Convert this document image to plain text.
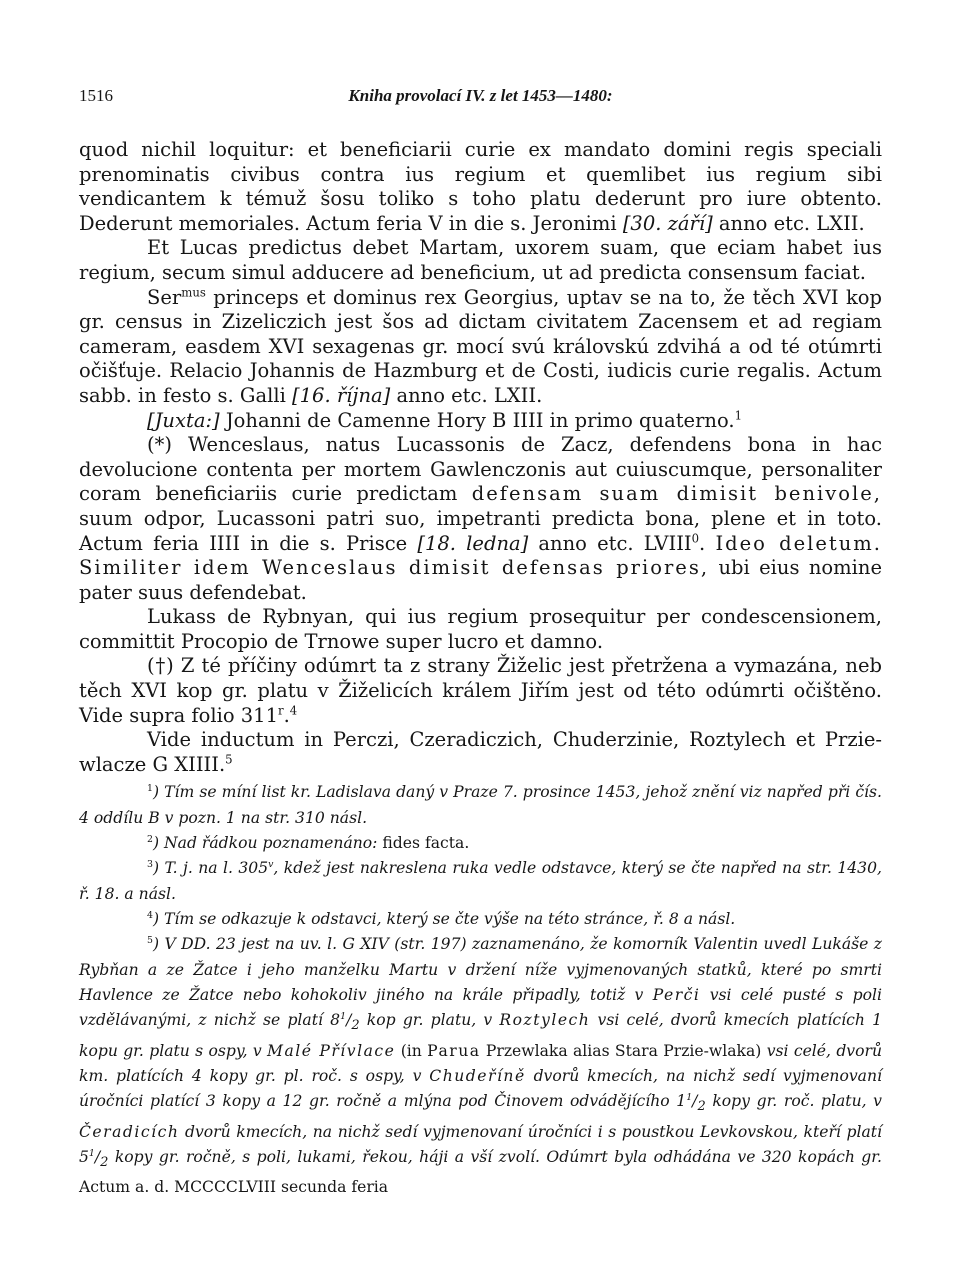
1516	Kniha provolací IV. z let 1453—1480:

quod nichil loquitur: et beneficiarii curie ex mandato domini regis speciali prenominatis civibus contra ius regium et quemlibet ius regium sibi vendicantem k témuž šosu toliko s toho platu dederunt pro iure obtento. Dederunt memoriales. Actum feria V in die s. Jeronimi [30. září] anno etc. LXII.

Et Lucas predictus debet Martam, uxorem suam, que eciam habet ius regium, secum simul adducere ad beneficium, ut ad predicta consensum faciat.

Ser$^{mus}$ princeps et dominus rex Georgius, uptav se na to, že těch XVI kop gr. census in Zizeliczich jest šos ad dictam civitatem Zacensem et ad regiam cameram, easdem XVI sexagenas gr. mocí svú královskú zdvihá a od té otúmrti očišťuje. Relacio Johannis de Hazmburg et de Costi, iudicis curie regalis. Actum sabb. in festo s. Galli [16. října] anno etc. LXII.

[Juxta:] Johanni de Camenne Hory B IIII in primo quaterno.$^1$

(*) Wenceslaus, natus Lucassonis de Zacz, defendens bona in hac devolucione contenta per mortem Gawlenczonis aut cuiuscumque, personaliter coram beneficiariis curie predictam defensam suam dimisit benivole, suum odpor, Lucassoni patri suo, impetranti predicta bona, plene et in toto. Actum feria IIII in die s. Prisce [18. ledna] anno etc. LVIII$^0$. Ideo deletum. Similiter idem Wenceslaus dimisit defensas priores, ubi eius nomine pater suus defendebat.

Lukass de Rybnyan, qui ius regium prosequitur per condescensionem, committit Procopio de Trnowe super lucro et damno.

(†) Z té příčiny odúmrt ta z strany Žiželic jest přetržena a vymazána, neb těch XVI kop gr. platu v Žiželicích králem Jiřím jest od této odúmrti očištěno. Vide supra folio 311$^r$.$^4$

Vide inductum in Perczi, Czeradiczich, Chuderzinie, Roztylech et Przie-wlacze G XIIII.$^5$

$^1$) Tím se míní list kr. Ladislava daný v Praze 7. prosince 1453, jehož znění viz napřed při čís. 4 oddílu B v pozn. 1 na str. 310 násl.

$^2$) Nad řádkou poznamenáno: fides facta.

$^3$) T. j. na l. 305$^v$, kdež jest nakreslena ruka vedle odstavce, který se čte napřed na str. 1430, ř. 18. a násl.

$^4$) Tím se odkazuje k odstavci, který se čte výše na této stránce, ř. 8 a násl.

$^5$) V DD. 23 jest na uv. l. G XIV (str. 197) zaznamenáno, že komorník Valentin uvedl Lukáše z Rybňan a ze Žatce i jeho manželku Martu v držení níže vyjmenovaných statků, které po smrti Havlence ze Žatce nebo kohokoliv jiného na krále připadly, totiž v Perči vsi celé pusté s poli vzdělávanými, z nichž se platí $8^1/_2$ kop gr. platu, v Roztylech vsi celé, dvorů kmecích platících 1 kopu gr. platu s ospy, v Malé Přívlace (in Parua Przewlaka alias Stara Przie-wlaka) vsi celé, dvorů km. platících 4 kopy gr. pl. roč. s ospy, v Chudeříně dvorů kmecích, na nichž sedí vyjmenovaní úročníci platící 3 kopy a 12 gr. ročně a mlýna pod Činovem odvádějícího $1^1/_2$ kopy gr. roč. platu, v Čeradicích dvorů kmecích, na nichž sedí vyjmenovaní úročníci i s poustkou Levkovskou, kteří platí $5^1/_2$ kopy gr. ročně, s poli, lukami, řekou, háji a vší zvolí. Odúmrt byla odhádána ve 320 kopách gr. Actum a. d. MCCCCLVIII secunda feria
